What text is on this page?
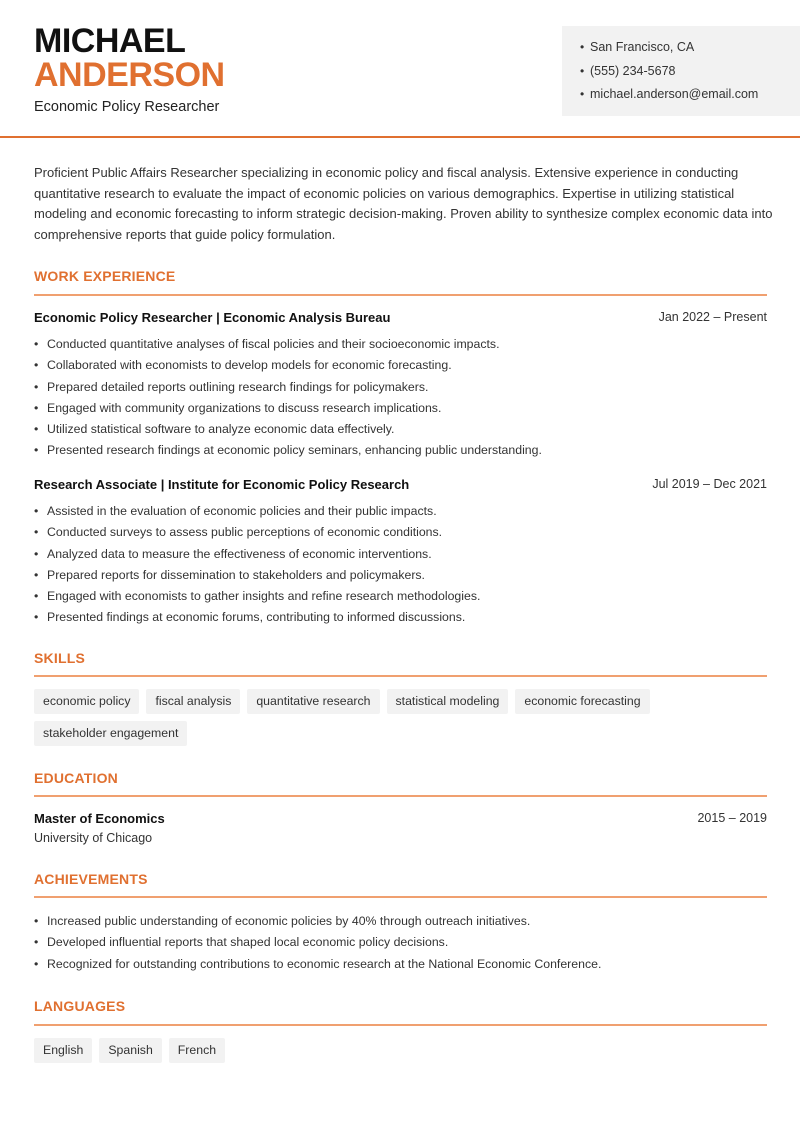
MICHAEL
ANDERSON
Economic Policy Researcher
• San Francisco, CA
• (555) 234-5678
• michael.anderson@email.com
Proficient Public Affairs Researcher specializing in economic policy and fiscal analysis. Extensive experience in conducting quantitative research to evaluate the impact of economic policies on various demographics. Expertise in utilizing statistical modeling and economic forecasting to inform strategic decision-making. Proven ability to synthesize complex economic data into comprehensive reports that guide policy formulation.
WORK EXPERIENCE
Economic Policy Researcher | Economic Analysis Bureau	Jan 2022 – Present
• Conducted quantitative analyses of fiscal policies and their socioeconomic impacts.
• Collaborated with economists to develop models for economic forecasting.
• Prepared detailed reports outlining research findings for policymakers.
• Engaged with community organizations to discuss research implications.
• Utilized statistical software to analyze economic data effectively.
• Presented research findings at economic policy seminars, enhancing public understanding.
Research Associate | Institute for Economic Policy Research	Jul 2019 – Dec 2021
• Assisted in the evaluation of economic policies and their public impacts.
• Conducted surveys to assess public perceptions of economic conditions.
• Analyzed data to measure the effectiveness of economic interventions.
• Prepared reports for dissemination to stakeholders and policymakers.
• Engaged with economists to gather insights and refine research methodologies.
• Presented findings at economic forums, contributing to informed discussions.
SKILLS
economic policy	fiscal analysis	quantitative research	statistical modeling	economic forecasting
stakeholder engagement
EDUCATION
Master of Economics	2015 – 2019
University of Chicago
ACHIEVEMENTS
• Increased public understanding of economic policies by 40% through outreach initiatives.
• Developed influential reports that shaped local economic policy decisions.
• Recognized for outstanding contributions to economic research at the National Economic Conference.
LANGUAGES
English	Spanish	French
